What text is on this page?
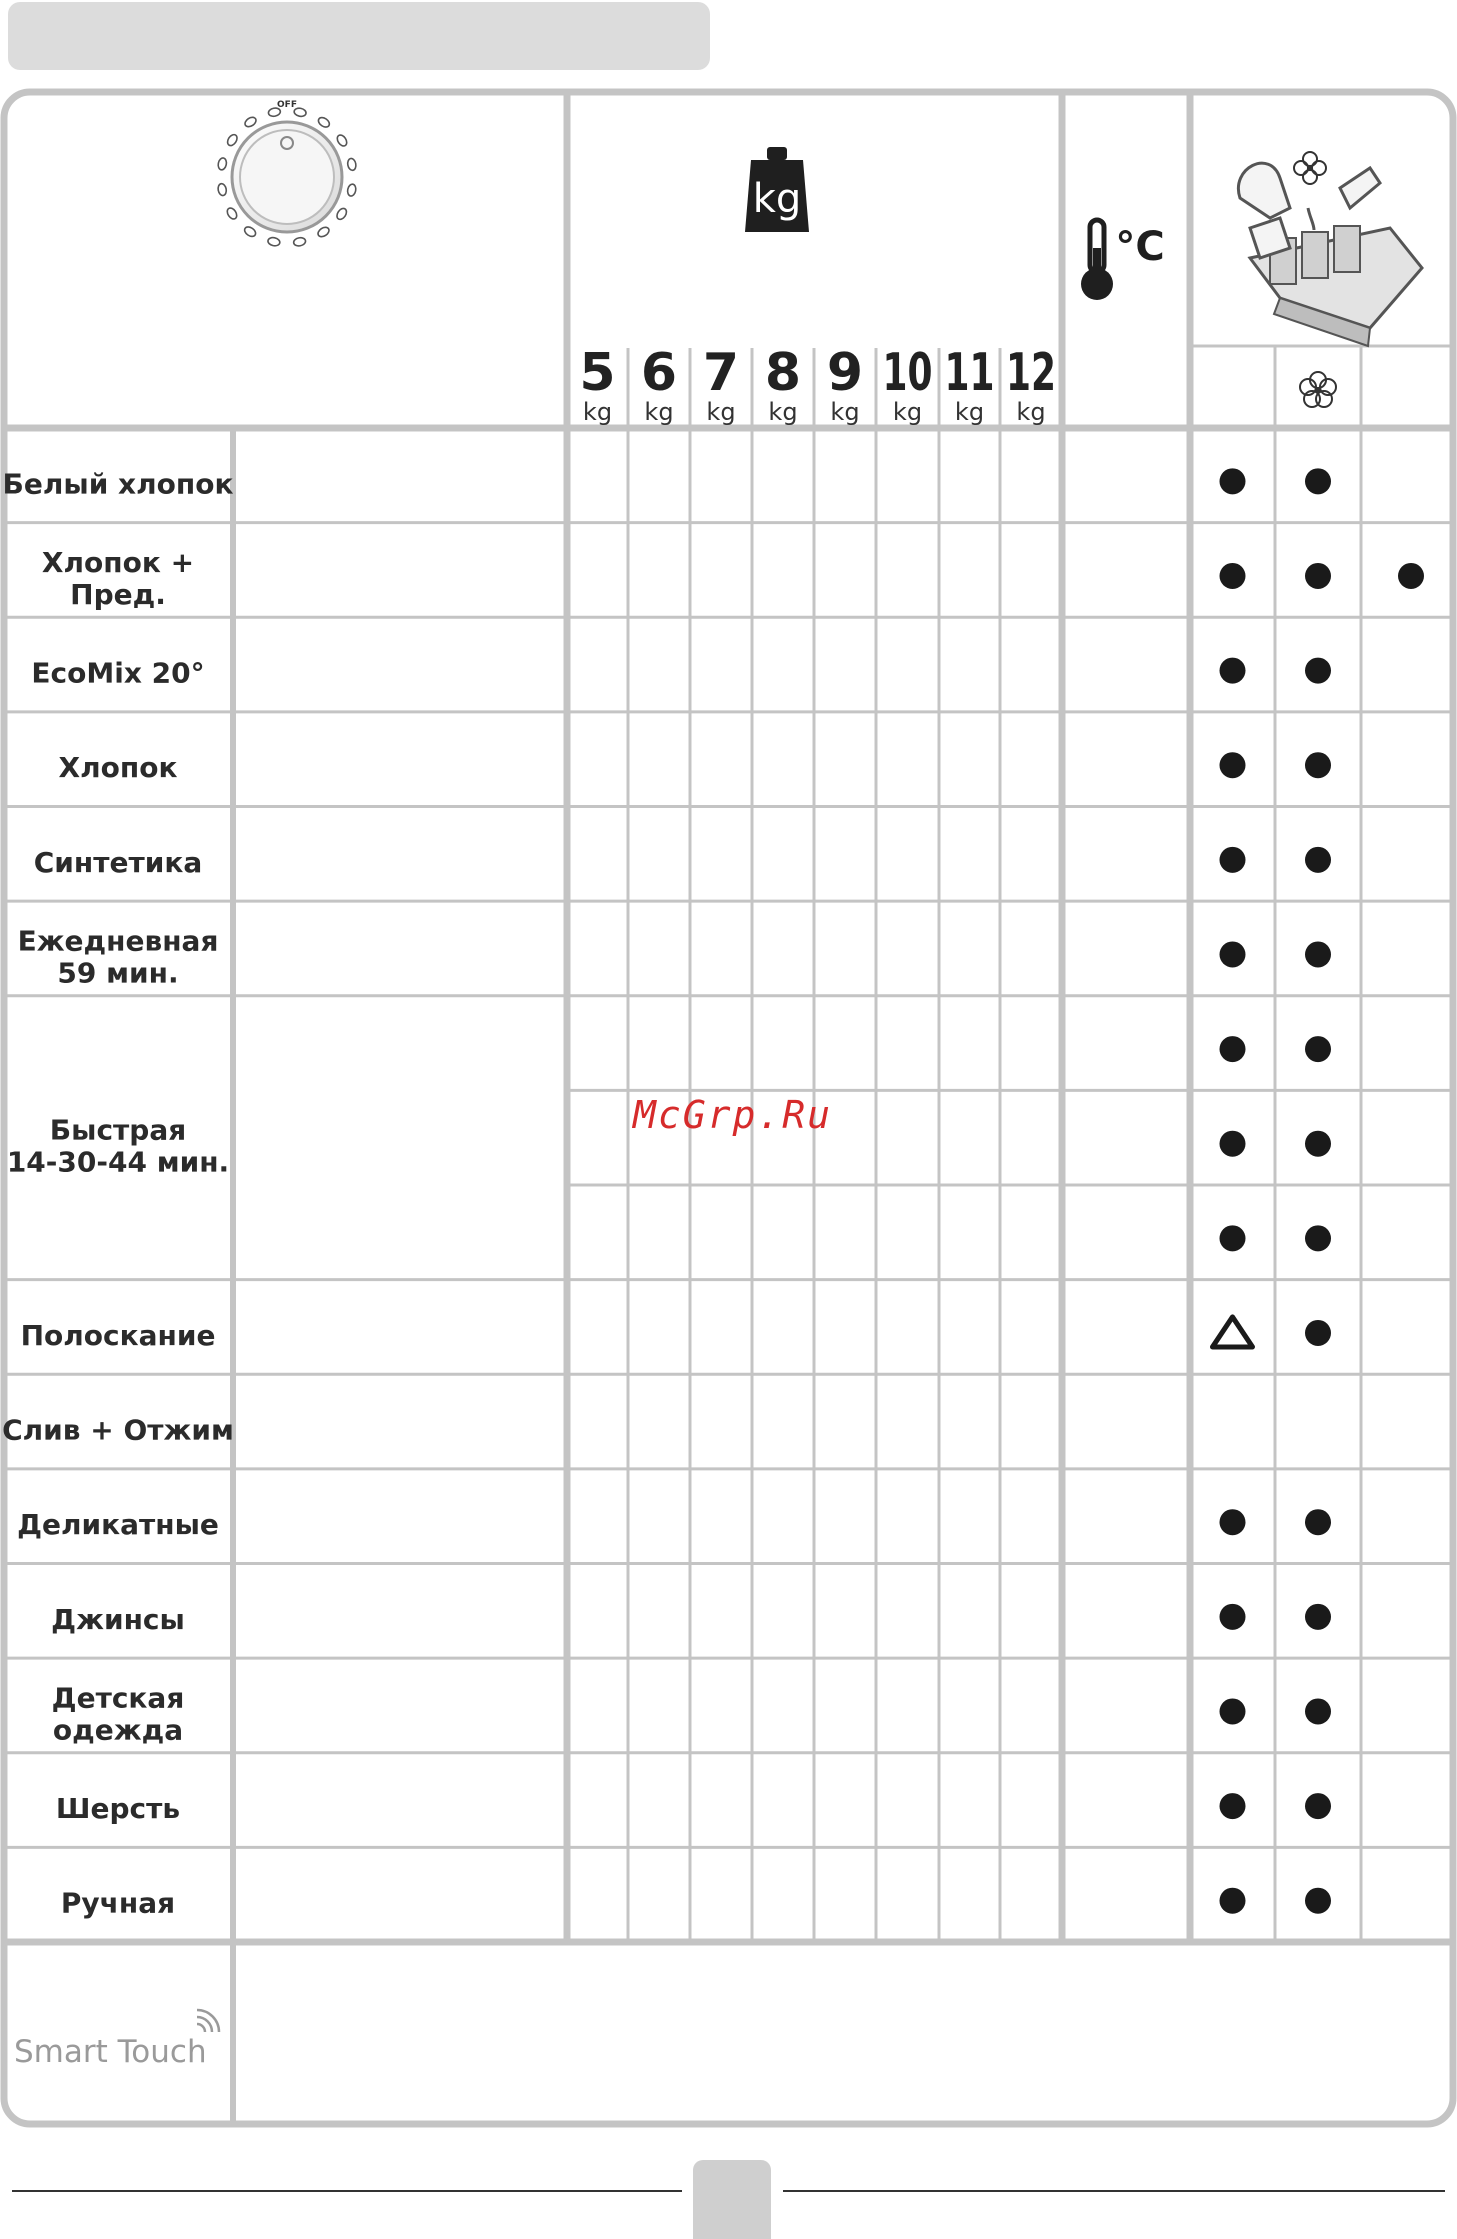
OFF
kg
°C
5
kg
6
kg
7
kg
8
kg
9
kg
10
kg
11
kg
12
kg
Белый хлопок
Хлопок +
Пред.
EcoMix 20°
Хлопок
Синтетика
Ежедневная
59 мин.
Быстрая
14-30-44 мин.
Полоскание
Слив + Отжим
Деликатные
Джинсы
Детская
одежда
Шерсть
Ручная
McGrp.Ru
Smart Touch
